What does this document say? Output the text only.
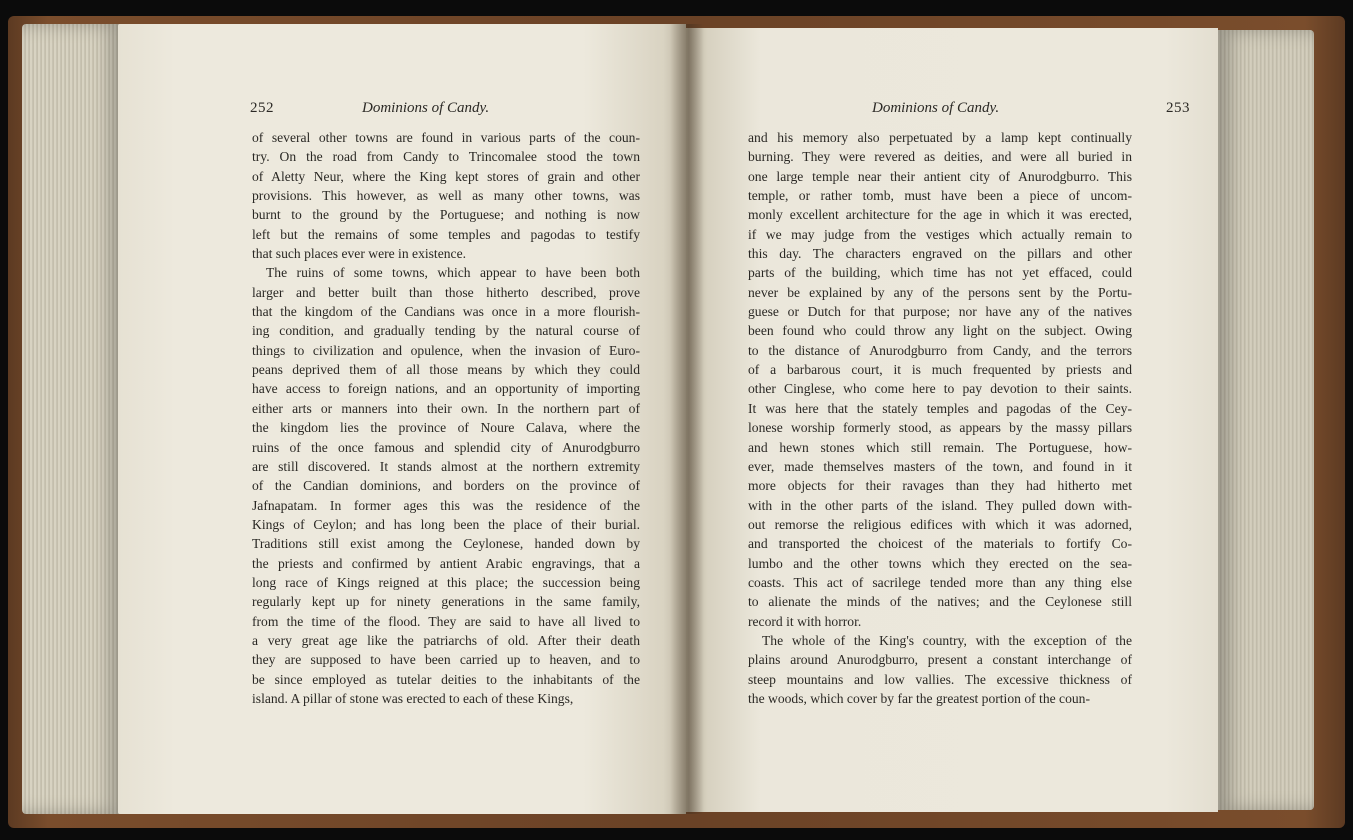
252	Dominions of Candy.
of several other towns are found in various parts of the coun-
try. On the road from Candy to Trincomalee stood the town
of Aletty Neur, where the King kept stores of grain and other
provisions. This however, as well as many other towns, was
burnt to the ground by the Portuguese; and nothing is now
left but the remains of some temples and pagodas to testify
that such places ever were in existence.
The ruins of some towns, which appear to have been both
larger and better built than those hitherto described, prove
that the kingdom of the Candians was once in a more flourish-
ing condition, and gradually tending by the natural course of
things to civilization and opulence, when the invasion of Euro-
peans deprived them of all those means by which they could
have access to foreign nations, and an opportunity of importing
either arts or manners into their own. In the northern part of
the kingdom lies the province of Noure Calava, where the
ruins of the once famous and splendid city of Anurodgburro
are still discovered. It stands almost at the northern extremity
of the Candian dominions, and borders on the province of
Jafnapatam. In former ages this was the residence of the
Kings of Ceylon; and has long been the place of their burial.
Traditions still exist among the Ceylonese, handed down by
the priests and confirmed by antient Arabic engravings, that a
long race of Kings reigned at this place; the succession being
regularly kept up for ninety generations in the same family,
from the time of the flood. They are said to have all lived to
a very great age like the patriarchs of old. After their death
they are supposed to have been carried up to heaven, and to
be since employed as tutelar deities to the inhabitants of the
island. A pillar of stone was erected to each of these Kings,
Dominions of Candy.	253
and his memory also perpetuated by a lamp kept continually
burning. They were revered as deities, and were all buried in
one large temple near their antient city of Anurodgburro. This
temple, or rather tomb, must have been a piece of uncom-
monly excellent architecture for the age in which it was erected,
if we may judge from the vestiges which actually remain to
this day. The characters engraved on the pillars and other
parts of the building, which time has not yet effaced, could
never be explained by any of the persons sent by the Portu-
guese or Dutch for that purpose; nor have any of the natives
been found who could throw any light on the subject. Owing
to the distance of Anurodgburro from Candy, and the terrors
of a barbarous court, it is much frequented by priests and
other Cinglese, who come here to pay devotion to their saints.
It was here that the stately temples and pagodas of the Cey-
lonese worship formerly stood, as appears by the massy pillars
and hewn stones which still remain. The Portuguese, how-
ever, made themselves masters of the town, and found in it
more objects for their ravages than they had hitherto met
with in the other parts of the island. They pulled down with-
out remorse the religious edifices with which it was adorned,
and transported the choicest of the materials to fortify Co-
lumbo and the other towns which they erected on the sea-
coasts. This act of sacrilege tended more than any thing else
to alienate the minds of the natives; and the Ceylonese still
record it with horror.
The whole of the King's country, with the exception of the
plains around Anurodgburro, present a constant interchange of
steep mountains and low vallies. The excessive thickness of
the woods, which cover by far the greatest portion of the coun-
